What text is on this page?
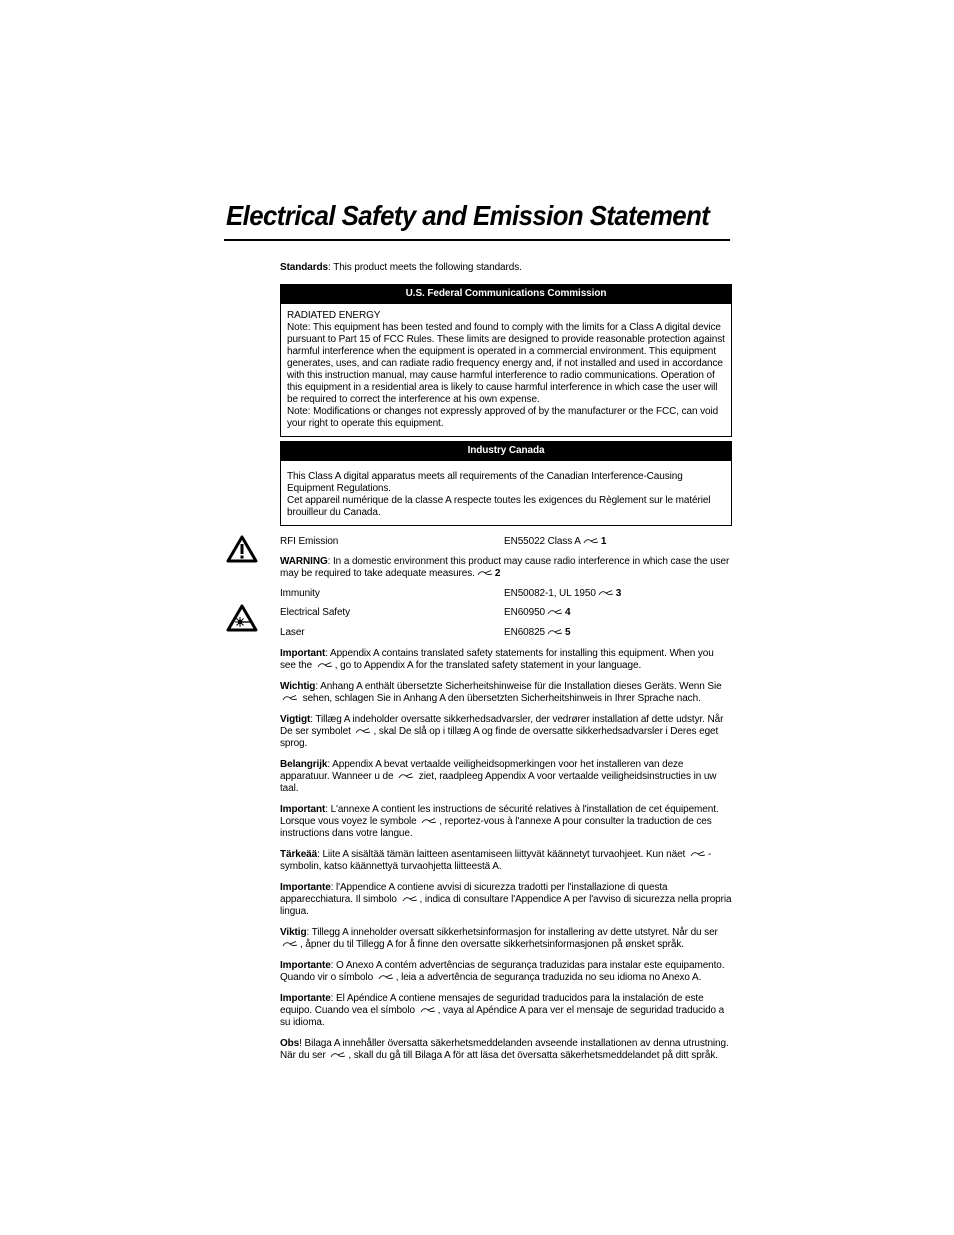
Electrical Safety and Emission Statement

Standards: This product meets the following standards.

U.S. Federal Communications Commission

RADIATED ENERGY

Note: This equipment has been tested and found to comply with the limits for a Class A digital device pursuant to Part 15 of FCC Rules. These limits are designed to provide reasonable protection against harmful interference when the equipment is operated in a commercial environment. This equipment generates, uses, and can radiate radio frequency energy and, if not installed and used in accordance with this instruction manual, may cause harmful interference to radio communications. Operation of this equipment in a residential area is likely to cause harmful interference in which case the user will be required to correct the interference at his own expense.

Note: Modifications or changes not expressly approved of by the manufacturer or the FCC, can void your right to operate this equipment.

Industry Canada

This Class A digital apparatus meets all requirements of the Canadian Interference-Causing Equipment Regulations.

Cet appareil numérique de la classe A respecte toutes les exigences du Règlement sur le matériel brouilleur du Canada.

RFI Emission	EN55022 Class A 1

WARNING: In a domestic environment this product may cause radio interference in which case the user may be required to take adequate measures. 2

Immunity	EN50082-1, UL 1950 3
Electrical Safety	EN60950 4
Laser	EN60825 5

Important: Appendix A contains translated safety statements for installing this equipment. When you see the , go to Appendix A for the translated safety statement in your language.

Wichtig: Anhang A enthält übersetzte Sicherheitshinweise für die Installation dieses Geräts. Wenn Sie  sehen, schlagen Sie in Anhang A den übersetzten Sicherheitshinweis in Ihrer Sprache nach.

Vigtigt: Tillæg A indeholder oversatte sikkerhedsadvarsler, der vedrører installation af dette udstyr. Når De ser symbolet , skal De slå op i tillæg A og finde de oversatte sikkerhedsadvarsler i Deres eget sprog.

Belangrijk: Appendix A bevat vertaalde veiligheidsopmerkingen voor het installeren van deze apparatuur. Wanneer u de  ziet, raadpleeg Appendix A voor vertaalde veiligheidsinstructies in uw taal.

Important: L'annexe A contient les instructions de sécurité relatives à l'installation de cet équipement. Lorsque vous voyez le symbole , reportez-vous à l'annexe A pour consulter la traduction de ces instructions dans votre langue.

Tärkeää: Liite A sisältää tämän laitteen asentamiseen liittyvät käännetyt turvaohjeet. Kun näet -symbolin, katso käännettyä turvaohjetta liitteestä A.

Importante: l'Appendice A contiene avvisi di sicurezza tradotti per l'installazione di questa apparecchiatura. Il simbolo , indica di consultare l'Appendice A per l'avviso di sicurezza nella propria lingua.

Viktig: Tillegg A inneholder oversatt sikkerhetsinformasjon for installering av dette utstyret. Når du ser , åpner du til Tillegg A for å finne den oversatte sikkerhetsinformasjonen på ønsket språk.

Importante: O Anexo A contém advertências de segurança traduzidas para instalar este equipamento. Quando vir o símbolo , leia a advertência de segurança traduzida no seu idioma no Anexo A.

Importante: El Apéndice A contiene mensajes de seguridad traducidos para la instalación de este equipo. Cuando vea el símbolo , vaya al Apéndice A para ver el mensaje de seguridad traducido a su idioma.

Obs! Bilaga A innehåller översatta säkerhetsmeddelanden avseende installationen av denna utrustning. När du ser , skall du gå till Bilaga A för att läsa det översatta säkerhetsmeddelandet på ditt språk.
